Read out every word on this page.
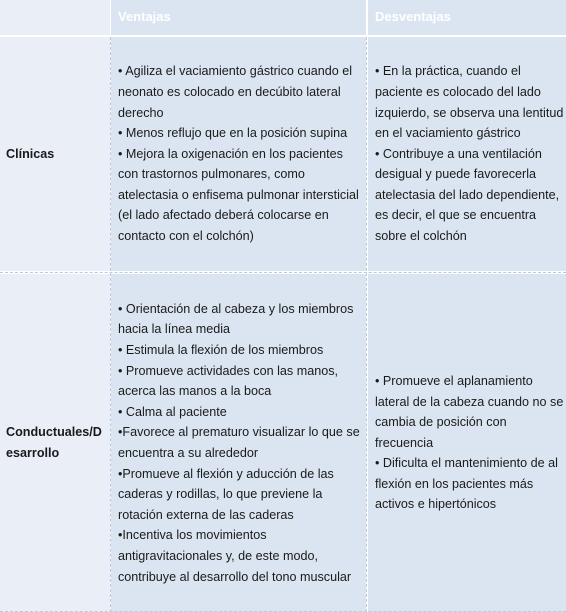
Ventajas	Desventajas
Clínicas
• Agiliza el vaciamiento gástrico cuando el neonato es colocado en decúbito lateral derecho
• Menos reflujo que en la posición supina
• Mejora la oxigenación en los pacientes con trastornos pulmonares, como atelectasia o enfisema pulmonar intersticial (el lado afectado deberá colocarse en contacto con el colchón)
• En la práctica, cuando el paciente es colocado del lado izquierdo, se observa una lentitud en el vaciamiento gástrico
• Contribuye a una ventilación desigual y puede favorecerla atelectasia del lado dependiente, es decir, el que se encuentra sobre el colchón
Conductuales/Desarrollo
• Orientación de al cabeza y los miembros hacia la línea media
• Estimula la flexión de los miembros
• Promueve actividades con las manos, acerca las manos a la boca
• Calma al paciente
•Favorece al prematuro visualizar lo que se encuentra a su alrededor
•Promueve al flexión y aducción de las caderas y rodillas, lo que previene la rotación externa de las caderas
•Incentiva los movimientos antigravitacionales y, de este modo, contribuye al desarrollo del tono muscular
• Promueve el aplanamiento lateral de la cabeza cuando no se cambia de posición con frecuencia
• Dificulta el mantenimiento de al flexión en los pacientes más activos e hipertónicos
